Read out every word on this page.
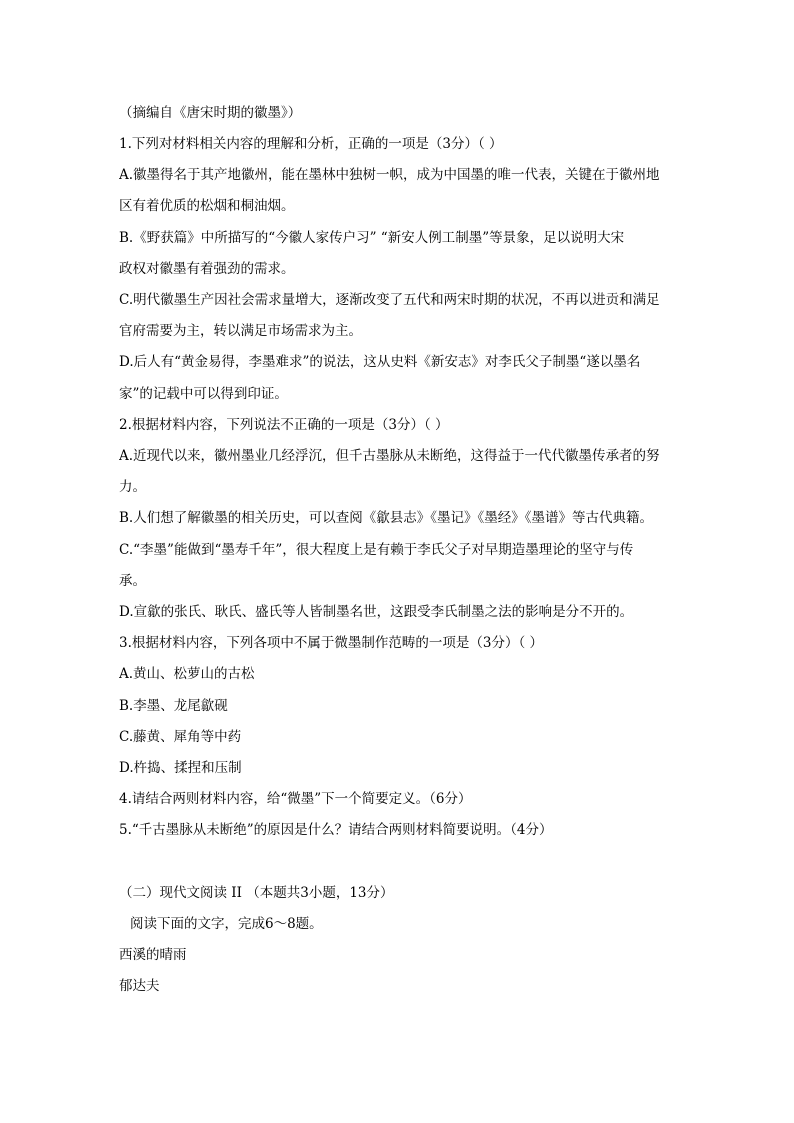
（摘编自《唐宋时期的徽墨》）
1.下列对材料相关内容的理解和分析，正确的一项是（3分）（ ）
A.徽墨得名于其产地徽州，能在墨林中独树一帜，成为中国墨的唯一代表，关键在于徽州地
区有着优质的松烟和桐油烟。
B.《野获篇》中所描写的“今徽人家传户习” “新安人例工制墨”等景象，足以说明大宋
政权对徽墨有着强劲的需求。
C.明代徽墨生产因社会需求量增大，逐渐改变了五代和两宋时期的状况，不再以进贡和满足
官府需要为主，转以满足市场需求为主。
D.后人有“黄金易得，李墨难求”的说法，这从史料《新安志》对李氏父子制墨“遂以墨名
家”的记载中可以得到印证。
2.根据材料内容，下列说法不正确的一项是（3分）（ ）
A.近现代以来，徽州墨业几经浮沉，但千古墨脉从未断绝，这得益于一代代徽墨传承者的努
力。
B.人们想了解徽墨的相关历史，可以查阅《歙县志》《墨记》《墨经》《墨谱》等古代典籍。
C.“李墨”能做到“墨寿千年”，很大程度上是有赖于李氏父子对早期造墨理论的坚守与传
承。
D.宣歙的张氏、耿氏、盛氏等人皆制墨名世，这跟受李氏制墨之法的影响是分不开的。
3.根据材料内容，下列各项中不属于微墨制作范畴的一项是（3分）（ ）
A.黄山、松萝山的古松
B.李墨、龙尾歙砚
C.藤黄、犀角等中药
D.杵捣、揉捏和压制
4.请结合两则材料内容，给“微墨”下一个简要定义。（6分）
5.“千古墨脉从未断绝”的原因是什么？请结合两则材料简要说明。（4分）
（二）现代文阅读 II （本题共3小题，13分）
阅读下面的文字，完成6～8题。
西溪的晴雨
郁达夫
